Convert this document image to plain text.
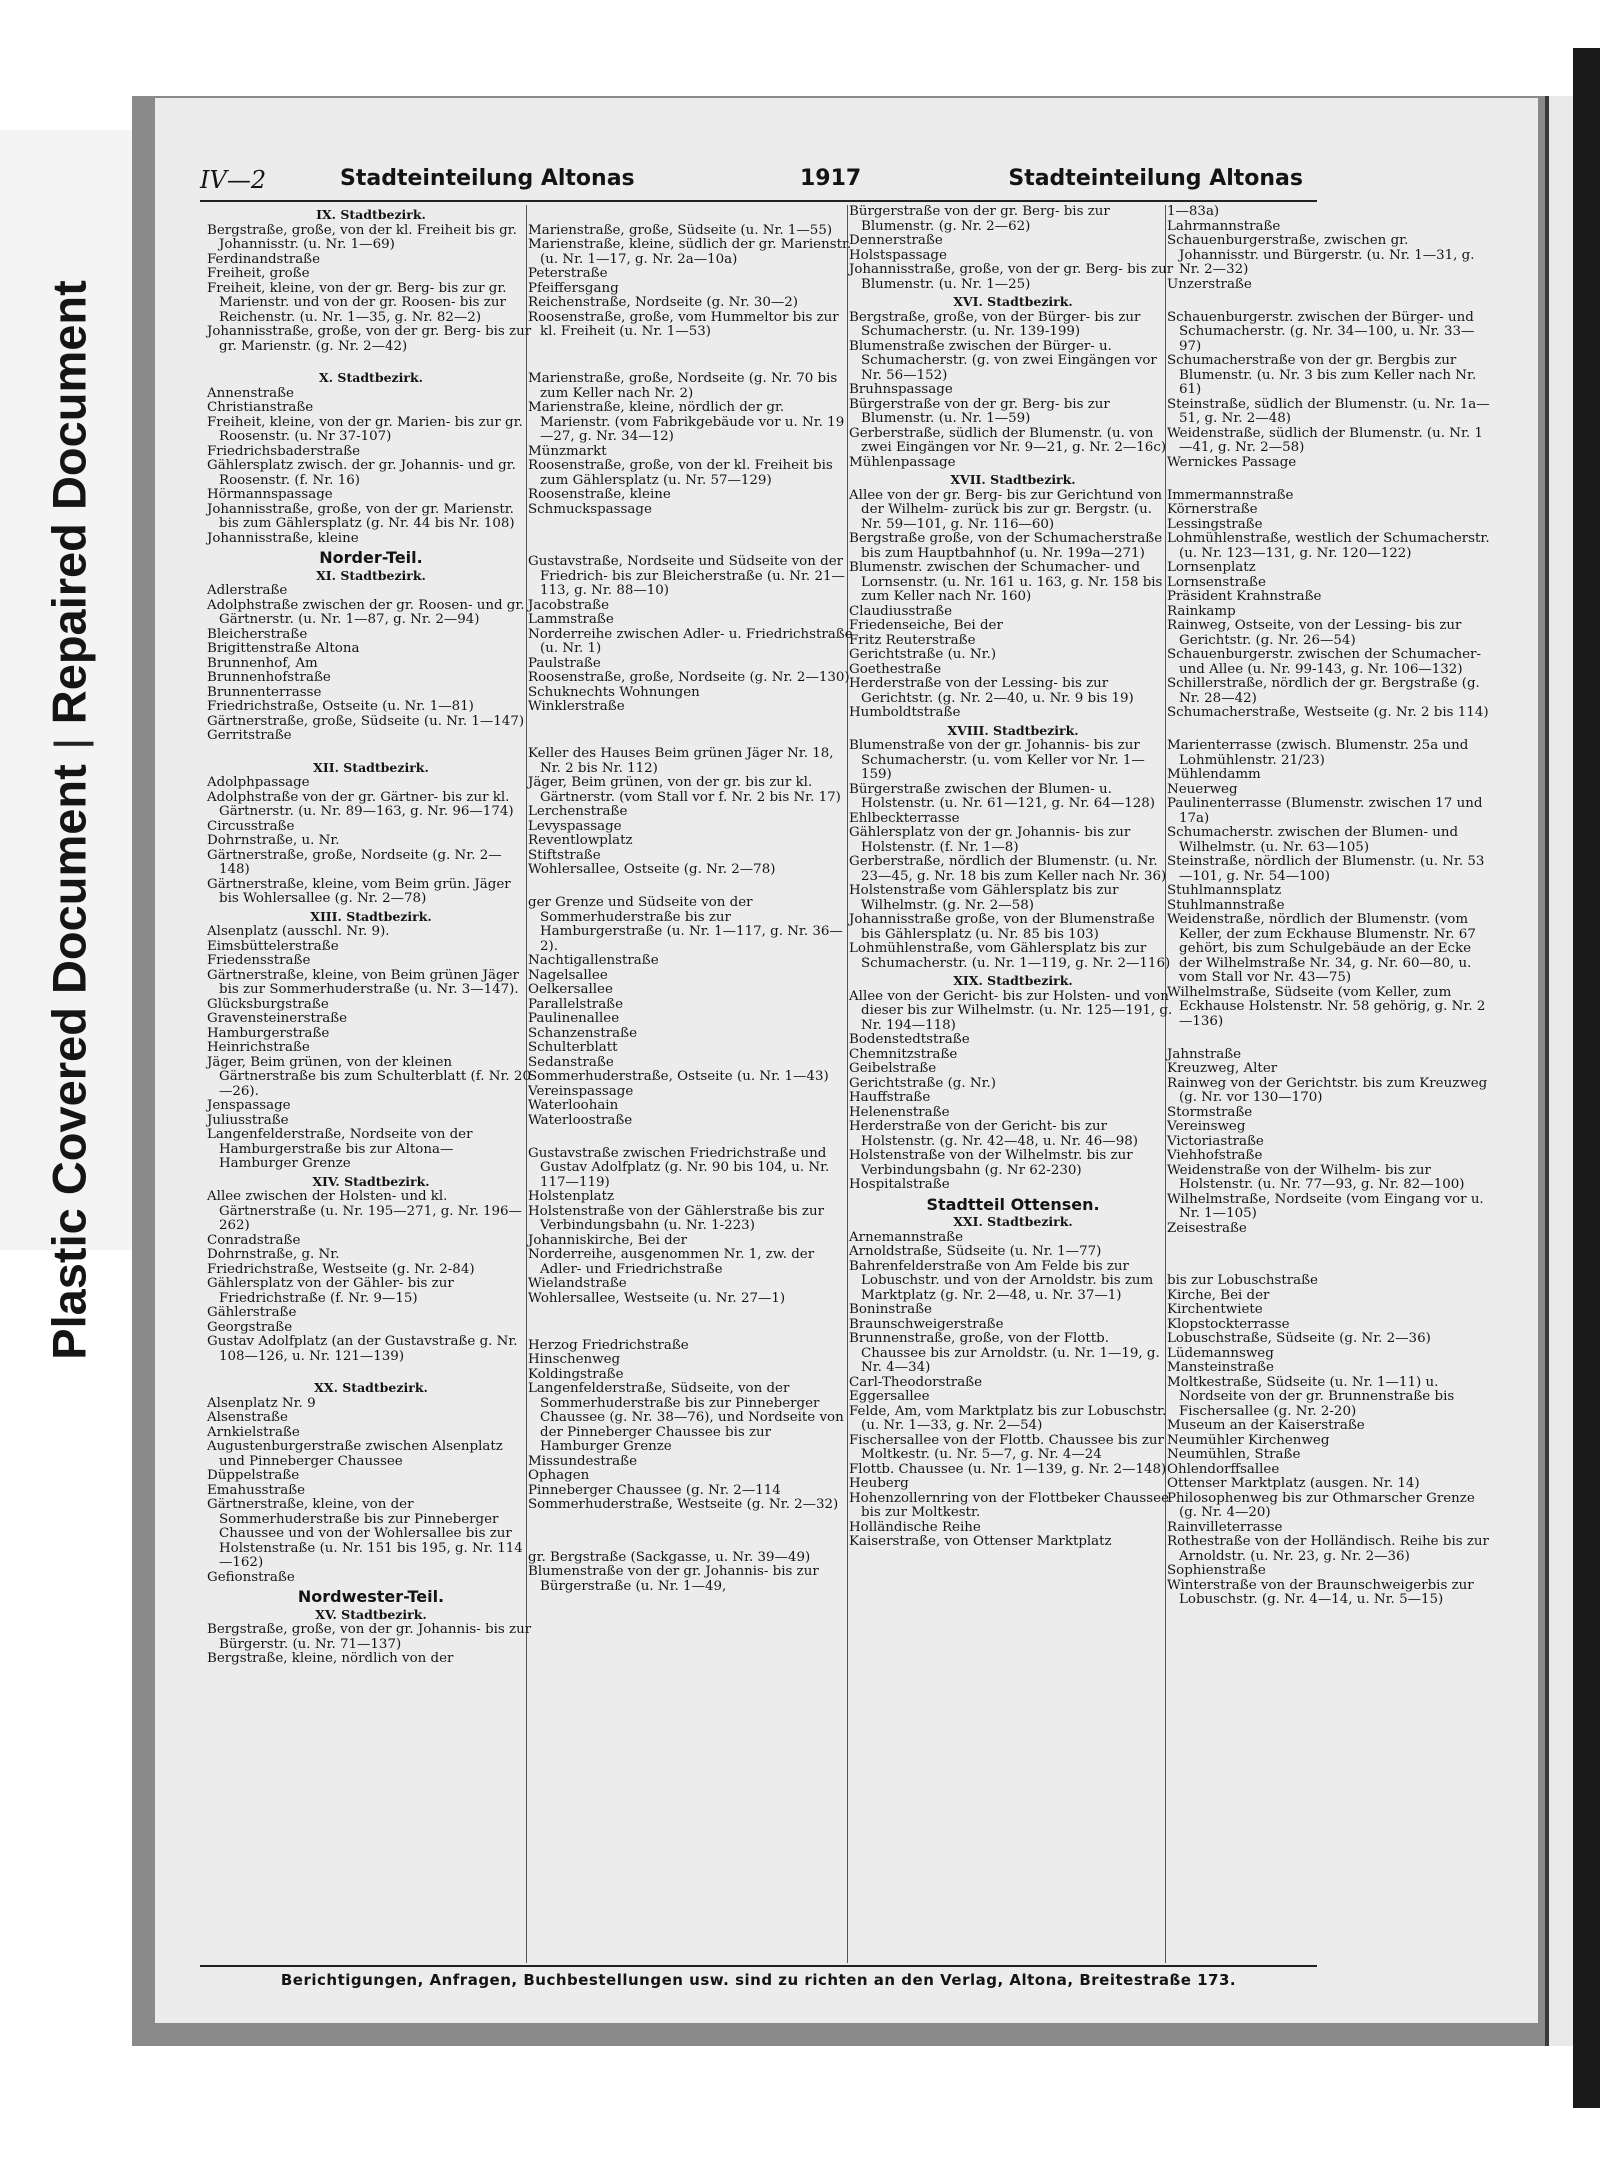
Plastic Covered DocumentRepaired Document
IV—2	Stadteinteilung Altonas	1917	Stadteinteilung Altonas
IX. Stadtbezirk.

Bergstraße, große, von der kl. Freiheit bis gr. Johannisstr. (u. Nr. 1—69)

Ferdinandstraße

Freiheit, große

Freiheit, kleine, von der gr. Berg- bis zur gr. Marienstr. und von der gr. Roosen- bis zur Reichenstr. (u. Nr. 1—35, g. Nr. 82—2)

Johannisstraße, große, von der gr. Berg- bis zur gr. Marienstr. (g. Nr. 2—42)

X. Stadtbezirk.

Annenstraße

Christianstraße

Freiheit, kleine, von der gr. Marien- bis zur gr. Roosenstr. (u. Nr 37-107)

Friedrichsbaderstraße

Gählersplatz zwisch. der gr. Johannis- und gr. Roosenstr. (f. Nr. 16)

Hörmannspassage

Johannisstraße, große, von der gr. Marienstr. bis zum Gählersplatz (g. Nr. 44 bis Nr. 108)

Johannisstraße, kleine

Norder-Teil.
XI. Stadtbezirk.

Adlerstraße

Adolphstraße zwischen der gr. Roosen- und gr. Gärtnerstr. (u. Nr. 1—87, g. Nr. 2—94)

Bleicherstraße

Brigittenstraße Altona

Brunnenhof, Am

Brunnenhofstraße

Brunnenterrasse

Friedrichstraße, Ostseite (u. Nr. 1—81)

Gärtnerstraße, große, Südseite (u. Nr. 1—147)

Gerritstraße

XII. Stadtbezirk.

Adolphpassage

Adolphstraße von der gr. Gärtner- bis zur kl. Gärtnerstr. (u. Nr. 89—163, g. Nr. 96—174)

Circusstraße

Dohrnstraße, u. Nr.

Gärtnerstraße, große, Nordseite (g. Nr. 2—148)

Gärtnerstraße, kleine, vom Beim grün. Jäger bis Wohlersallee (g. Nr. 2—78)

XIII. Stadtbezirk.

Alsenplatz (ausschl. Nr. 9).

Eimsbüttelerstraße

Friedensstraße

Gärtnerstraße, kleine, von Beim grünen Jäger bis zur Sommerhuderstraße (u. Nr. 3—147).

Glücksburgstraße

Gravensteinerstraße

Hamburgerstraße

Heinrichstraße

Jäger, Beim grünen, von der kleinen Gärtnerstraße bis zum Schulterblatt (f. Nr. 20—26).

Jenspassage

Juliusstraße

Langenfelderstraße, Nordseite von der Hamburgerstraße bis zur Altona—Hamburger Grenze

XIV. Stadtbezirk.

Allee zwischen der Holsten- und kl. Gärtnerstraße (u. Nr. 195—271, g. Nr. 196—262)

Conradstraße

Dohrnstraße, g. Nr.

Friedrichstraße, Westseite (g. Nr. 2-84)

Gählersplatz von der Gähler- bis zur Friedrichstraße (f. Nr. 9—15)

Gählerstraße

Georgstraße

Gustav Adolfplatz (an der Gustavstraße g. Nr. 108—126, u. Nr. 121—139)

XX. Stadtbezirk.

Alsenplatz Nr. 9

Alsenstraße

Arnkielstraße

Augustenburgerstraße zwischen Alsenplatz und Pinneberger Chaussee

Düppelstraße

Emahusstraße

Gärtnerstraße, kleine, von der Sommerhuderstraße bis zur Pinneberger Chaussee und von der Wohlersallee bis zur Holstenstraße (u. Nr. 151 bis 195, g. Nr. 114—162)

Gefionstraße

Nordwester-Teil.
XV. Stadtbezirk.

Bergstraße, große, von der gr. Johannis- bis zur Bürgerstr. (u. Nr. 71—137)

Bergstraße, kleine, nördlich von der

Marienstraße, große, Südseite (u. Nr. 1—55)

Marienstraße, kleine, südlich der gr. Marienstr. (u. Nr. 1—17, g. Nr. 2a—10a)

Peterstraße

Pfeiffersgang

Reichenstraße, Nordseite (g. Nr. 30—2)

Roosenstraße, große, vom Hummeltor bis zur kl. Freiheit (u. Nr. 1—53)

Marienstraße, große, Nordseite (g. Nr. 70 bis zum Keller nach Nr. 2)

Marienstraße, kleine, nördlich der gr. Marienstr. (vom Fabrikgebäude vor u. Nr. 19—27, g. Nr. 34—12)

Münzmarkt

Roosenstraße, große, von der kl. Freiheit bis zum Gählersplatz (u. Nr. 57—129)

Roosenstraße, kleine

Schmuckspassage

Gustavstraße, Nordseite und Südseite von der Friedrich- bis zur Bleicherstraße (u. Nr. 21—113, g. Nr. 88—10)

Jacobstraße

Lammstraße

Norderreihe zwischen Adler- u. Friedrichstraße (u. Nr. 1)

Paulstraße

Roosenstraße, große, Nordseite (g. Nr. 2—130)

Schuknechts Wohnungen

Winklerstraße

Keller des Hauses Beim grünen Jäger Nr. 18, Nr. 2 bis Nr. 112)

Jäger, Beim grünen, von der gr. bis zur kl. Gärtnerstr. (vom Stall vor f. Nr. 2 bis Nr. 17)

Lerchenstraße

Levyspassage

Reventlowplatz

Stiftstraße

Wohlersallee, Ostseite (g. Nr. 2—78)

ger Grenze und Südseite von der Sommerhuderstraße bis zur Hamburgerstraße (u. Nr. 1—117, g. Nr. 36—2).

Nachtigallenstraße

Nagelsallee

Oelkersallee

Parallelstraße

Paulinenallee

Schanzenstraße

Schulterblatt

Sedanstraße

Sommerhuderstraße, Ostseite (u. Nr. 1—43)

Vereinspassage

Waterloohain

Waterloostraße

Gustavstraße zwischen Friedrichstraße und Gustav Adolfplatz (g. Nr. 90 bis 104, u. Nr. 117—119)

Holstenplatz

Holstenstraße von der Gählerstraße bis zur Verbindungsbahn (u. Nr. 1-223)

Johanniskirche, Bei der

Norderreihe, ausgenommen Nr. 1, zw. der Adler- und Friedrichstraße

Wielandstraße

Wohlersallee, Westseite (u. Nr. 27—1)

Herzog Friedrichstraße

Hinschenweg

Koldingstraße

Langenfelderstraße, Südseite, von der Sommerhuderstraße bis zur Pinneberger Chaussee (g. Nr. 38—76), und Nordseite von der Pinneberger Chaussee bis zur Hamburger Grenze

Missundestraße

Ophagen

Pinneberger Chaussee (g. Nr. 2—114

Sommerhuderstraße, Westseite (g. Nr. 2—32)

gr. Bergstraße (Sackgasse, u. Nr. 39—49)

Blumenstraße von der gr. Johannis- bis zur Bürgerstraße (u. Nr. 1—49,

Bürgerstraße von der gr. Berg- bis zur Blumenstr. (g. Nr. 2—62)

Dennerstraße

Holstspassage

Johannisstraße, große, von der gr. Berg- bis zur Blumenstr. (u. Nr. 1—25)

XVI. Stadtbezirk.

Bergstraße, große, von der Bürger- bis zur Schumacherstr. (u. Nr. 139-199)

Blumenstraße zwischen der Bürger- u. Schumacherstr. (g. von zwei Eingängen vor Nr. 56—152)

Bruhnspassage

Bürgerstraße von der gr. Berg- bis zur Blumenstr. (u. Nr. 1—59)

Gerberstraße, südlich der Blumenstr. (u. von zwei Eingängen vor Nr. 9—21, g. Nr. 2—16c)

Mühlenpassage

XVII. Stadtbezirk.

Allee von der gr. Berg- bis zur Gerichtund von der Wilhelm- zurück bis zur gr. Bergstr. (u. Nr. 59—101, g. Nr. 116—60)

Bergstraße große, von der Schumacherstraße bis zum Hauptbahnhof (u. Nr. 199a—271)

Blumenstr. zwischen der Schumacher- und Lornsenstr. (u. Nr. 161 u. 163, g. Nr. 158 bis zum Keller nach Nr. 160)

Claudiusstraße

Friedenseiche, Bei der

Fritz Reuterstraße

Gerichtstraße (u. Nr.)

Goethestraße

Herderstraße von der Lessing- bis zur Gerichtstr. (g. Nr. 2—40, u. Nr. 9 bis 19)

Humboldtstraße

XVIII. Stadtbezirk.

Blumenstraße von der gr. Johannis- bis zur Schumacherstr. (u. vom Keller vor Nr. 1—159)

Bürgerstraße zwischen der Blumen- u. Holstenstr. (u. Nr. 61—121, g. Nr. 64—128)

Ehlbeckterrasse

Gählersplatz von der gr. Johannis- bis zur Holstenstr. (f. Nr. 1—8)

Gerberstraße, nördlich der Blumenstr. (u. Nr. 23—45, g. Nr. 18 bis zum Keller nach Nr. 36)

Holstenstraße vom Gählersplatz bis zur Wilhelmstr. (g. Nr. 2—58)

Johannisstraße große, von der Blumenstraße bis Gählersplatz (u. Nr. 85 bis 103)

Lohmühlenstraße, vom Gählersplatz bis zur Schumacherstr. (u. Nr. 1—119, g. Nr. 2—116)

XIX. Stadtbezirk.

Allee von der Gericht- bis zur Holsten- und von dieser bis zur Wilhelmstr. (u. Nr. 125—191, g. Nr. 194—118)

Bodenstedtstraße

Chemnitzstraße

Geibelstraße

Gerichtstraße (g. Nr.)

Hauffstraße

Helenenstraße

Herderstraße von der Gericht- bis zur Holstenstr. (g. Nr. 42—48, u. Nr. 46—98)

Holstenstraße von der Wilhelmstr. bis zur Verbindungsbahn (g. Nr 62-230)

Hospitalstraße

Stadtteil Ottensen.
XXI. Stadtbezirk.

Arnemannstraße

Arnoldstraße, Südseite (u. Nr. 1—77)

Bahrenfelderstraße von Am Felde bis zur Lobuschstr. und von der Arnoldstr. bis zum Marktplatz (g. Nr. 2—48, u. Nr. 37—1)

Boninstraße

Braunschweigerstraße

Brunnenstraße, große, von der Flottb. Chaussee bis zur Arnoldstr. (u. Nr. 1—19, g. Nr. 4—34)

Carl-Theodorstraße

Eggersallee

Felde, Am, vom Marktplatz bis zur Lobuschstr. (u. Nr. 1—33, g. Nr. 2—54)

Fischersallee von der Flottb. Chaussee bis zur Moltkestr. (u. Nr. 5—7, g. Nr. 4—24

Flottb. Chaussee (u. Nr. 1—139, g. Nr. 2—148)

Heuberg

Hohenzollernring von der Flottbeker Chaussee bis zur Moltkestr.

Holländische Reihe

Kaiserstraße, von Ottenser Marktplatz

1—83a)

Lahrmannstraße

Schauenburgerstraße, zwischen gr. Johannisstr. und Bürgerstr. (u. Nr. 1—31, g. Nr. 2—32)

Unzerstraße

Schauenburgerstr. zwischen der Bürger- und Schumacherstr. (g. Nr. 34—100, u. Nr. 33—97)

Schumacherstraße von der gr. Bergbis zur Blumenstr. (u. Nr. 3 bis zum Keller nach Nr. 61)

Steinstraße, südlich der Blumenstr. (u. Nr. 1a—51, g. Nr. 2—48)

Weidenstraße, südlich der Blumenstr. (u. Nr. 1—41, g. Nr. 2—58)

Wernickes Passage

Immermannstraße

Körnerstraße

Lessingstraße

Lohmühlenstraße, westlich der Schumacherstr. (u. Nr. 123—131, g. Nr. 120—122)

Lornsenplatz

Lornsenstraße

Präsident Krahnstraße

Rainkamp

Rainweg, Ostseite, von der Lessing- bis zur Gerichtstr. (g. Nr. 26—54)

Schauenburgerstr. zwischen der Schumacher- und Allee (u. Nr. 99-143, g. Nr. 106—132)

Schillerstraße, nördlich der gr. Bergstraße (g. Nr. 28—42)

Schumacherstraße, Westseite (g. Nr. 2 bis 114)

Marienterrasse (zwisch. Blumenstr. 25a und Lohmühlenstr. 21/23)

Mühlendamm

Neuerweg

Paulinenterrasse (Blumenstr. zwischen 17 und 17a)

Schumacherstr. zwischen der Blumen- und Wilhelmstr. (u. Nr. 63—105)

Steinstraße, nördlich der Blumenstr. (u. Nr. 53—101, g. Nr. 54—100)

Stuhlmannsplatz

Stuhlmannstraße

Weidenstraße, nördlich der Blumenstr. (vom Keller, der zum Eckhause Blumenstr. Nr. 67 gehört, bis zum Schulgebäude an der Ecke der Wilhelmstraße Nr. 34, g. Nr. 60—80, u. vom Stall vor Nr. 43—75)

Wilhelmstraße, Südseite (vom Keller, zum Eckhause Holstenstr. Nr. 58 gehörig, g. Nr. 2—136)

Jahnstraße

Kreuzweg, Alter

Rainweg von der Gerichtstr. bis zum Kreuzweg (g. Nr. vor 130—170)

Stormstraße

Vereinsweg

Victoriastraße

Viehhofstraße

Weidenstraße von der Wilhelm- bis zur Holstenstr. (u. Nr. 77—93, g. Nr. 82—100)

Wilhelmstraße, Nordseite (vom Eingang vor u. Nr. 1—105)

Zeisestraße

bis zur Lobuschstraße

Kirche, Bei der

Kirchentwiete

Klopstockterrasse

Lobuschstraße, Südseite (g. Nr. 2—36)

Lüdemannsweg

Mansteinstraße

Moltkestraße, Südseite (u. Nr. 1—11) u. Nordseite von der gr. Brunnenstraße bis Fischersallee (g. Nr. 2-20)

Museum an der Kaiserstraße

Neumühler Kirchenweg

Neumühlen, Straße

Ohlendorffsallee

Ottenser Marktplatz (ausgen. Nr. 14)

Philosophenweg bis zur Othmarscher Grenze (g. Nr. 4—20)

Rainvilleterrasse

Rothestraße von der Holländisch. Reihe bis zur Arnoldstr. (u. Nr. 23, g. Nr. 2—36)

Sophienstraße

Winterstraße von der Braunschweigerbis zur Lobuschstr. (g. Nr. 4—14, u. Nr. 5—15)

Berichtigungen, Anfragen, Buchbestellungen usw. sind zu richten an den Verlag, Altona, Breitestraße 173.
